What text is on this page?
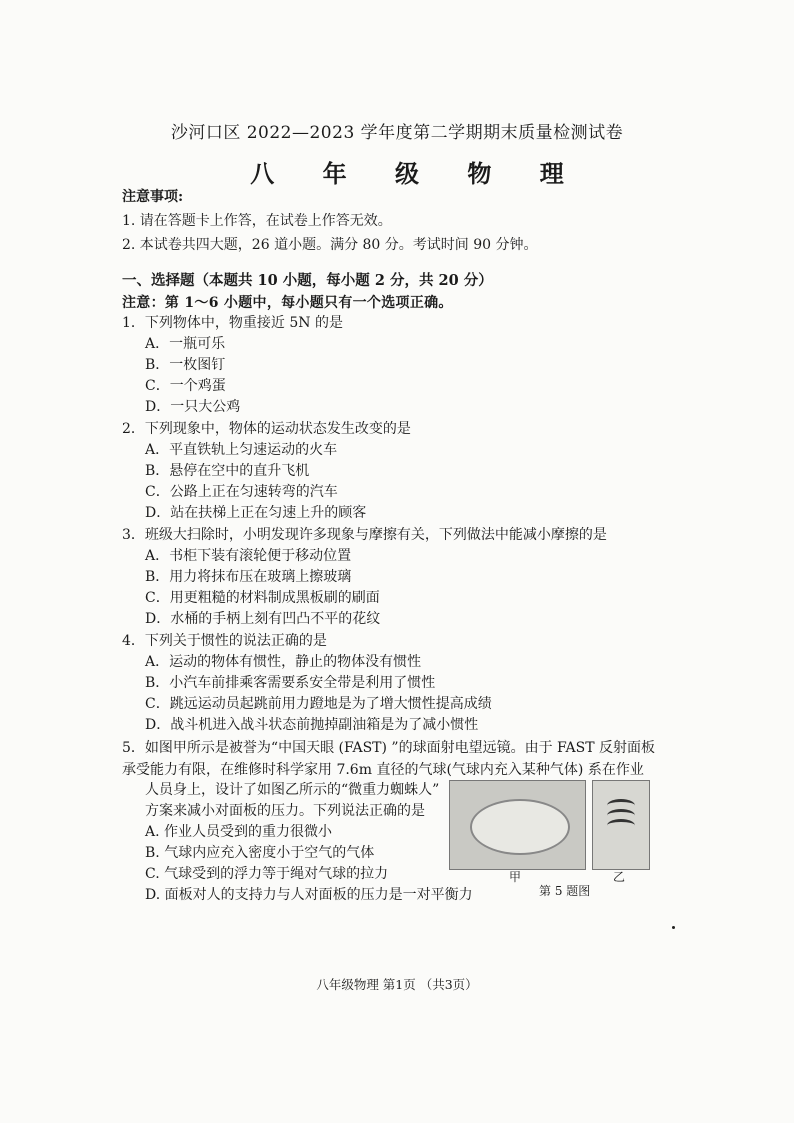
沙河口区 2022—2023 学年度第二学期期末质量检测试卷
八 年 级 物 理
注意事项:
1. 请在答题卡上作答，在试卷上作答无效。
2. 本试卷共四大题，26 道小题。满分 80 分。考试时间 90 分钟。
一、选择题（本题共 10 小题，每小题 2 分，共 20 分）
注意：第 1～6 小题中，每小题只有一个选项正确。
1．下列物体中，物重接近 5N 的是
A．一瓶可乐
B．一枚图钉
C．一个鸡蛋
D．一只大公鸡
2．下列现象中，物体的运动状态发生改变的是
A．平直铁轨上匀速运动的火车
B．悬停在空中的直升飞机
C．公路上正在匀速转弯的汽车
D．站在扶梯上正在匀速上升的顾客
3．班级大扫除时，小明发现许多现象与摩擦有关，下列做法中能减小摩擦的是
A．书柜下装有滚轮便于移动位置
B．用力将抹布压在玻璃上擦玻璃
C．用更粗糙的材料制成黑板刷的刷面
D．水桶的手柄上刻有凹凸不平的花纹
4．下列关于惯性的说法正确的是
A．运动的物体有惯性，静止的物体没有惯性
B．小汽车前排乘客需要系安全带是利用了惯性
C．跳远运动员起跳前用力蹬地是为了增大惯性提高成绩
D．战斗机进入战斗状态前抛掉副油箱是为了减小惯性
5．如图甲所示是被誉为“中国天眼 (FAST) ”的球面射电望远镜。由于 FAST 反射面板
承受能力有限，在维修时科学家用 7.6m 直径的气球(气球内充入某种气体) 系在作业
人员身上，设计了如图乙所示的“微重力蜘蛛人”
方案来减小对面板的压力。下列说法正确的是
A. 作业人员受到的重力很微小
B. 气球内应充入密度小于空气的气体
C. 气球受到的浮力等于绳对气球的拉力
D. 面板对人的支持力与人对面板的压力是一对平衡力
甲	乙
第 5 题图
八年级物理 第1页 （共3页）
